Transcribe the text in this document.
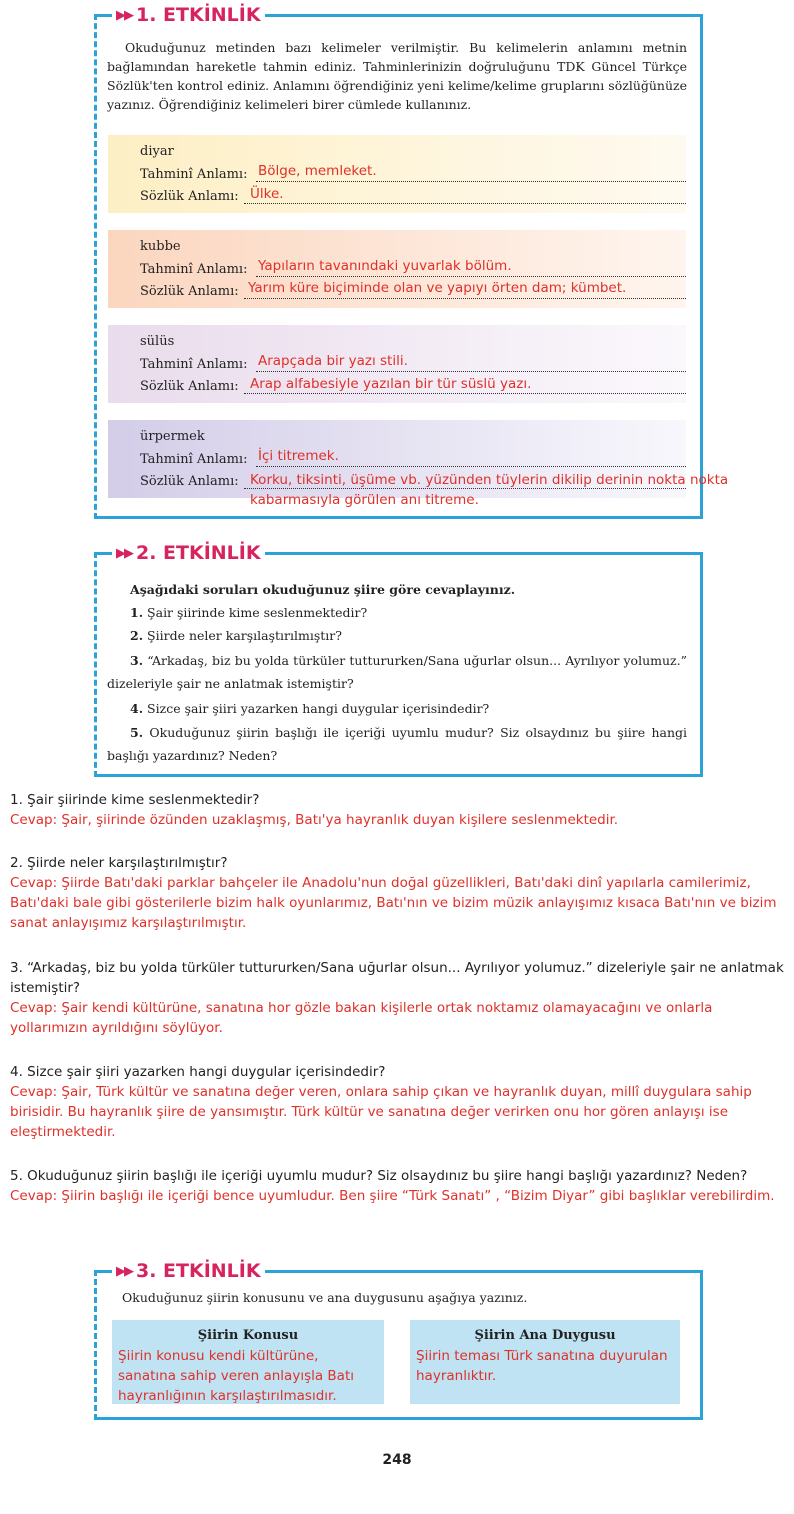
▶▶ 1. ETKİNLİK
Okuduğunuz metinden bazı kelimeler verilmiştir. Bu kelimelerin anlamını metnin bağlamından hareketle tahmin ediniz. Tahminlerinizin doğruluğunu TDK Güncel Türkçe Sözlük'ten kontrol ediniz. Anlamını öğrendiğiniz yeni kelime/kelime gruplarını sözlüğünüze yazınız. Öğrendiğiniz kelimeleri birer cümlede kullanınız.
diyar
Tahminî Anlamı:
Sözlük Anlamı:
Bölge, memleket.
Ülke.
kubbe
Tahminî Anlamı:
Sözlük Anlamı:
Yapıların tavanındaki yuvarlak bölüm.
Yarım küre biçiminde olan ve yapıyı örten dam; kümbet.
sülüs
Tahminî Anlamı:
Sözlük Anlamı:
Arapçada bir yazı stili.
Arap alfabesiyle yazılan bir tür süslü yazı.
ürpermek
Tahminî Anlamı:
Sözlük Anlamı:
İçi titremek.
Korku, tiksinti, üşüme vb. yüzünden tüylerin dikilip derinin nokta nokta kabarmasıyla görülen anı titreme.
▶▶ 2. ETKİNLİK
Aşağıdaki soruları okuduğunuz şiire göre cevaplayınız.
1. Şair şiirinde kime seslenmektedir?
2. Şiirde neler karşılaştırılmıştır?
3. “Arkadaş, biz bu yolda türküler tuttururken/Sana uğurlar olsun... Ayrılıyor yolumuz.” dizeleriyle şair ne anlatmak istemiştir?
4. Sizce şair şiiri yazarken hangi duygular içerisindedir?
5. Okuduğunuz şiirin başlığı ile içeriği uyumlu mudur? Siz olsaydınız bu şiire hangi başlığı yazardınız? Neden?
1. Şair şiirinde kime seslenmektedir?
Cevap: Şair, şiirinde özünden uzaklaşmış, Batı'ya hayranlık duyan kişilere seslenmektedir.
2. Şiirde neler karşılaştırılmıştır?
Cevap: Şiirde Batı'daki parklar bahçeler ile Anadolu'nun doğal güzellikleri, Batı'daki dinî yapılarla camilerimiz, Batı'daki bale gibi gösterilerle bizim halk oyunlarımız, Batı'nın ve bizim müzik anlayışımız kısaca Batı'nın ve bizim sanat anlayışımız karşılaştırılmıştır.
3. “Arkadaş, biz bu yolda türküler tuttururken/Sana uğurlar olsun... Ayrılıyor yolumuz.” dizeleriyle şair ne anlatmak istemiştir?
Cevap: Şair kendi kültürüne, sanatına hor gözle bakan kişilerle ortak noktamız olamayacağını ve onlarla yollarımızın ayrıldığını söylüyor.
4. Sizce şair şiiri yazarken hangi duygular içerisindedir?
Cevap: Şair, Türk kültür ve sanatına değer veren, onlara sahip çıkan ve hayranlık duyan, millî duygulara sahip birisidir. Bu hayranlık şiire de yansımıştır. Türk kültür ve sanatına değer verirken onu hor gören anlayışı ise eleştirmektedir.
5. Okuduğunuz şiirin başlığı ile içeriği uyumlu mudur? Siz olsaydınız bu şiire hangi başlığı yazardınız? Neden?
Cevap: Şiirin başlığı ile içeriği bence uyumludur. Ben şiire “Türk Sanatı” , “Bizim Diyar” gibi başlıklar verebilirdim.
▶▶ 3. ETKİNLİK
Okuduğunuz şiirin konusunu ve ana duygusunu aşağıya yazınız.
Şiirin Konusu
Şiirin konusu kendi kültürüne, sanatına sahip veren anlayışla Batı hayranlığının karşılaştırılmasıdır.
Şiirin Ana Duygusu
Şiirin teması Türk sanatına duyurulan hayranlıktır.
248
